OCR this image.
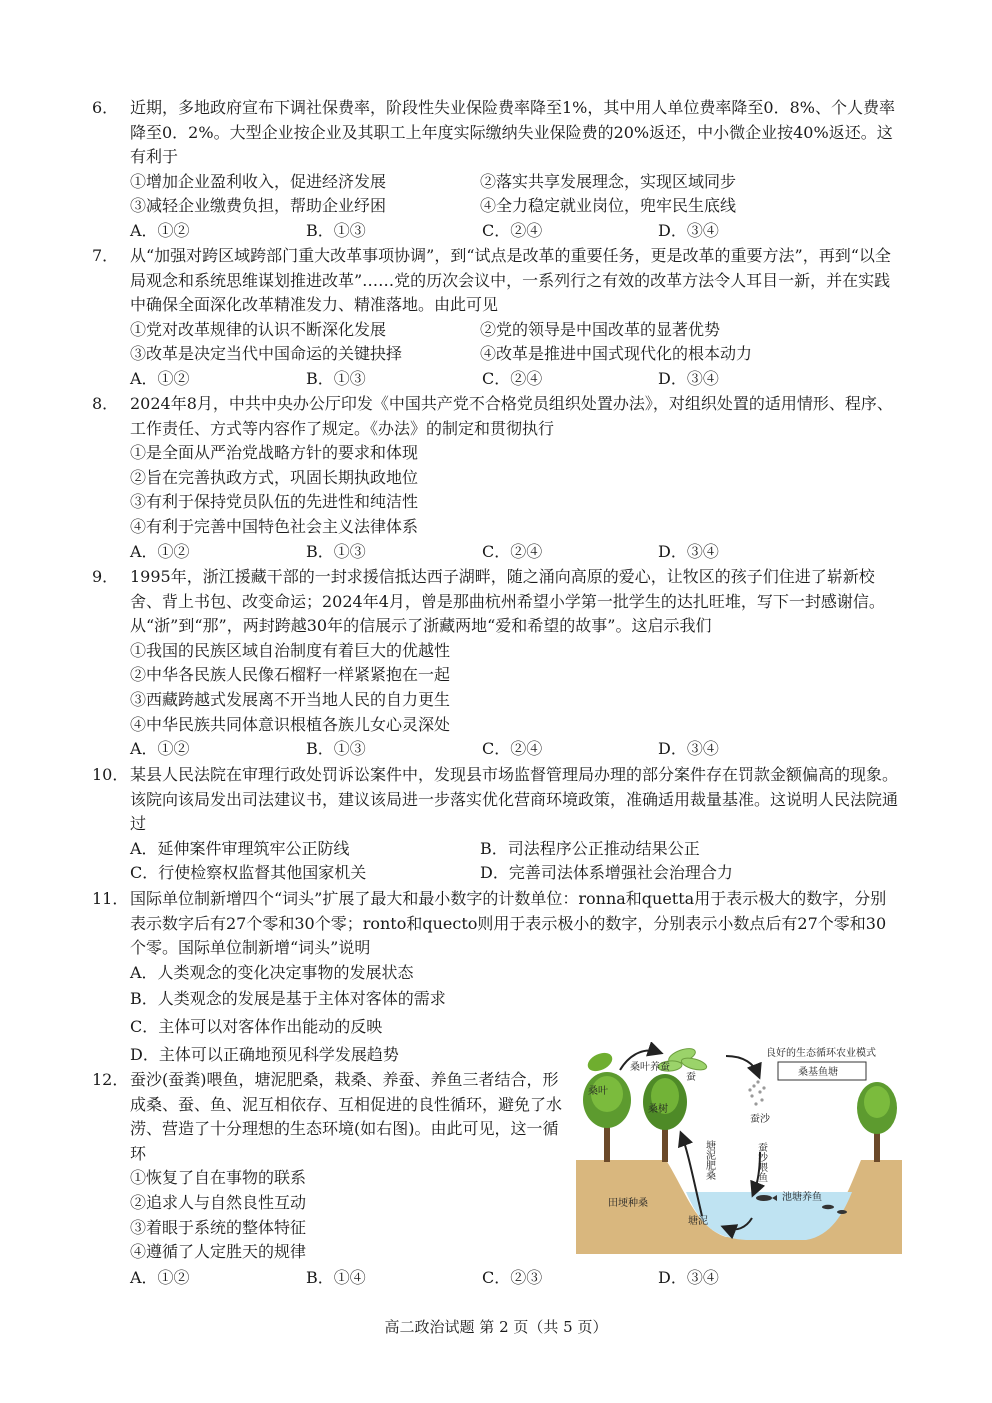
6． 近期，多地政府宣布下调社保费率，阶段性失业保险费率降至1%，其中用人单位费率降至0．8%、个人费率降至0．2%。大型企业按企业及其职工上年度实际缴纳失业保险费的20%返还，中小微企业按40%返还。这有利于

①增加企业盈利收入，促进经济发展	②落实共享发展理念，实现区域同步
③减轻企业缴费负担，帮助企业纾困	④全力稳定就业岗位，兜牢民生底线
A．①②	B．①③	C．②④	D．③④

7． 从“加强对跨区域跨部门重大改革事项协调”，到“试点是改革的重要任务，更是改革的重要方法”，再到“以全局观念和系统思维谋划推进改革”……党的历次会议中，一系列行之有效的改革方法令人耳目一新，并在实践中确保全面深化改革精准发力、精准落地。由此可见

①党对改革规律的认识不断深化发展	②党的领导是中国改革的显著优势
③改革是决定当代中国命运的关键抉择	④改革是推进中国式现代化的根本动力
A．①②	B．①③	C．②④	D．③④

8． 2024年8月，中共中央办公厅印发《中国共产党不合格党员组织处置办法》，对组织处置的适用情形、程序、工作责任、方式等内容作了规定。《办法》的制定和贯彻执行

①是全面从严治党战略方针的要求和体现

②旨在完善执政方式，巩固长期执政地位

③有利于保持党员队伍的先进性和纯洁性

④有利于完善中国特色社会主义法律体系

A．①②	B．①③	C．②④	D．③④

9． 1995年，浙江援藏干部的一封求援信抵达西子湖畔，随之涌向高原的爱心，让牧区的孩子们住进了崭新校舍、背上书包、改变命运；2024年4月，曾是那曲杭州希望小学第一批学生的达扎旺堆，写下一封感谢信。从“浙”到“那”，两封跨越30年的信展示了浙藏两地“爱和希望的故事”。这启示我们

①我国的民族区域自治制度有着巨大的优越性

②中华各民族人民像石榴籽一样紧紧抱在一起

③西藏跨越式发展离不开当地人民的自力更生

④中华民族共同体意识根植各族儿女心灵深处

A．①②	B．①③	C．②④	D．③④

10． 某县人民法院在审理行政处罚诉讼案件中，发现县市场监督管理局办理的部分案件存在罚款金额偏高的现象。该院向该局发出司法建议书，建议该局进一步落实优化营商环境政策，准确适用裁量基准。这说明人民法院通过

A．延伸案件审理筑牢公正防线	B．司法程序公正推动结果公正
C．行使检察权监督其他国家机关	D．完善司法体系增强社会治理合力

11． 国际单位制新增四个“词头”扩展了最大和最小数字的计数单位：ronna和quetta用于表示极大的数字，分别表示数字后有27个零和30个零；ronto和quecto则用于表示极小的数字，分别表示小数点后有27个零和30个零。国际单位制新增“词头”说明

A．人类观念的变化决定事物的发展状态

B．人类观念的发展是基于主体对客体的需求

C．主体可以对客体作出能动的反映

D．主体可以正确地预见科学发展趋势

12． 蚕沙(蚕粪)喂鱼，塘泥肥桑，栽桑、养蚕、养鱼三者结合，形成桑、蚕、鱼、泥互相依存、互相促进的良性循环，避免了水涝、营造了十分理想的生态环境(如右图)。由此可见，这一循环

①恢复了自在事物的联系

②追求人与自然良性互动

③着眼于系统的整体特征

④遵循了人定胜天的规律

A．①②	B．①④	C．②③	D．③④
良好的生态循环农业模式
桑基鱼塘
桑叶
桑叶养蚕
蚕
桑树
蚕沙
蚕沙喂鱼
塘泥肥桑
池塘养鱼
田埂种桑
塘泥
高二政治试题 第 2 页（共 5 页）
